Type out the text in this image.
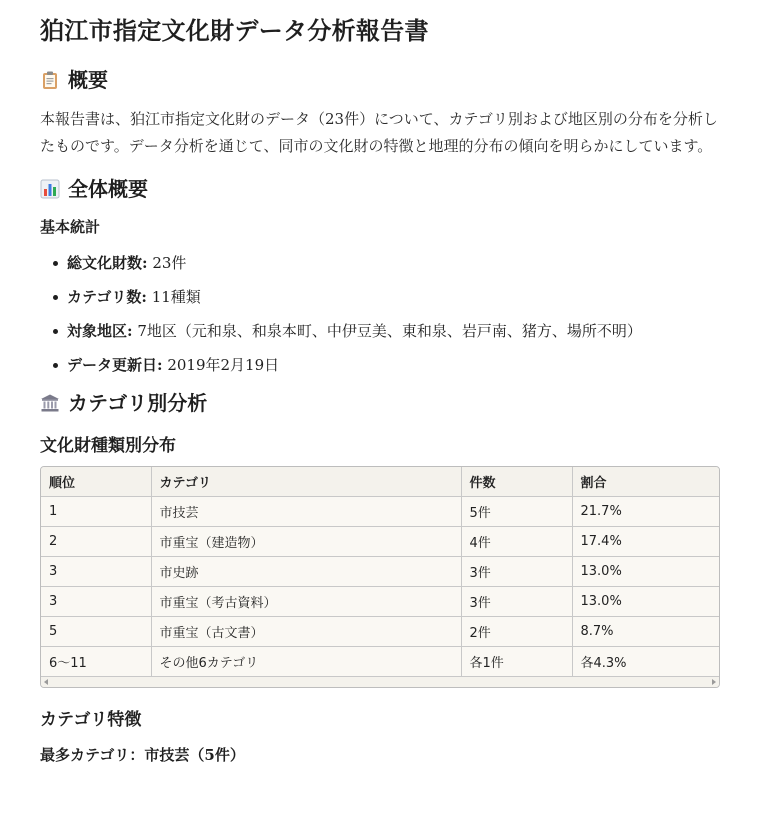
狛江市指定文化財データ分析報告書
概要

本報告書は、狛江市指定文化財のデータ（23件）について、カテゴリ別および地区別の分布を分析したものです。データ分析を通じて、同市の文化財の特徴と地理的分布の傾向を明らかにしています。

全体概要
基本統計
総文化財数: 23件
カテゴリ数: 11種類
対象地区: 7地区（元和泉、和泉本町、中伊豆美、東和泉、岩戸南、猪方、場所不明）
データ更新日: 2019年2月19日
カテゴリ別分析
文化財種類別分布
順位	カテゴリ	件数	割合
1	市技芸	5件	21.7%
2	市重宝（建造物）	4件	17.4%
3	市史跡	3件	13.0%
3	市重宝（考古資料）	3件	13.0%
5	市重宝（古文書）	2件	8.7%
6〜11	その他6カテゴリ	各1件	各4.3%
カテゴリ特徴

最多カテゴリ：市技芸（5件）
